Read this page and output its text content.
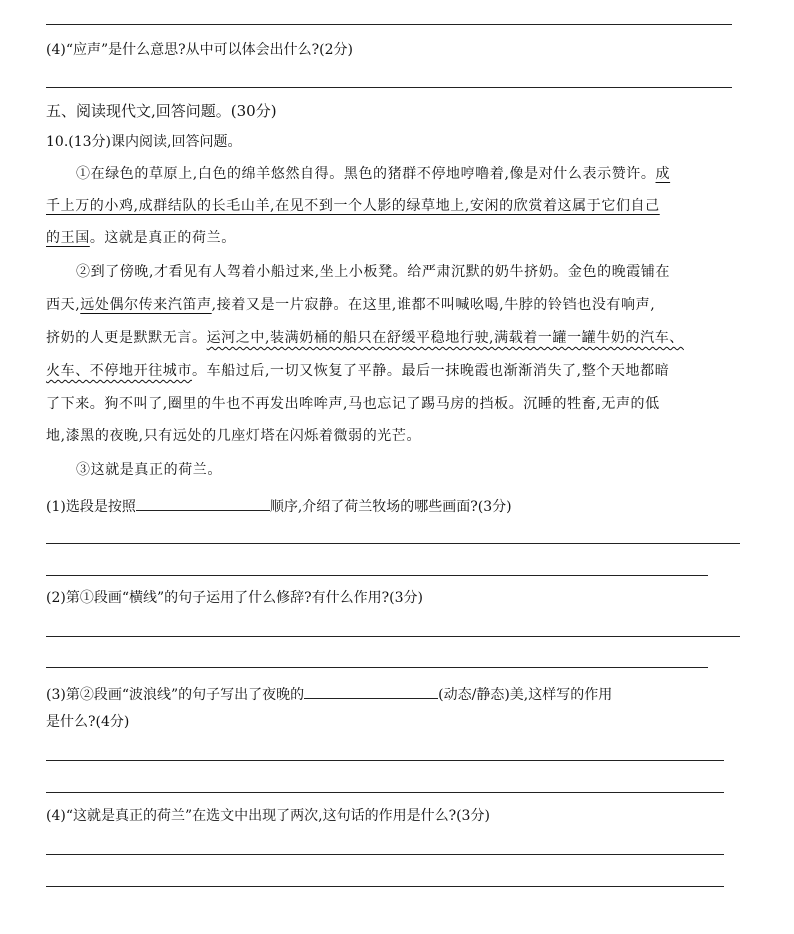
(4)“应声”是什么意思?从中可以体会出什么?(2分)
五、阅读现代文,回答问题。(30分)
10.(13分)课内阅读,回答问题。
①在绿色的草原上,白色的绵羊悠然自得。黑色的猪群不停地哼噜着,像是对什么表示赞许。成
千上万的小鸡,成群结队的长毛山羊,在见不到一个人影的绿草地上,安闲的欣赏着这属于它们自己
的王国。这就是真正的荷兰。
②到了傍晚,才看见有人驾着小船过来,坐上小板凳。给严肃沉默的奶牛挤奶。金色的晚霞铺在
西天,远处偶尔传来汽笛声,接着又是一片寂静。在这里,谁都不叫喊吆喝,牛脖的铃铛也没有响声,
挤奶的人更是默默无言。运河之中,装满奶桶的船只在舒缓平稳地行驶,满载着一罐一罐牛奶的汽车、
火车、不停地开往城市。车船过后,一切又恢复了平静。最后一抹晚霞也渐渐消失了,整个天地都暗
了下来。狗不叫了,圈里的牛也不再发出哞哞声,马也忘记了踢马房的挡板。沉睡的牲畜,无声的低
地,漆黑的夜晚,只有远处的几座灯塔在闪烁着微弱的光芒。
③这就是真正的荷兰。
(1)选段是按照	顺序,介绍了荷兰牧场的哪些画面?(3分)
(2)第①段画“横线”的句子运用了什么修辞?有什么作用?(3分)
(3)第②段画“波浪线”的句子写出了夜晚的	(动态/静态)美,这样写的作用
是什么?(4分)
(4)“这就是真正的荷兰”在选文中出现了两次,这句话的作用是什么?(3分)
